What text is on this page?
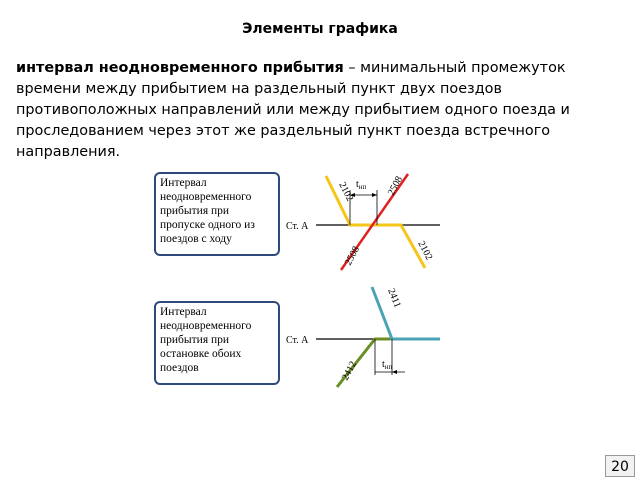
Элементы графика
интервал неодновременного прибытия – минимальный промежуток времени между прибытием на раздельный пункт двух поездов противоположных направлений или между прибытием одного поезда и проследованием через этот же раздельный пункт поезда встречного направления.
Интервал неодновременного прибытия при пропуске одного из поездов с ходу
Интервал неодновременного прибытия при остановке обоих поездов
Ст. А
$t_{нп}$
2102	2508
2508	2102
Ст. А
$t_{нп}$
2411
2412
20
